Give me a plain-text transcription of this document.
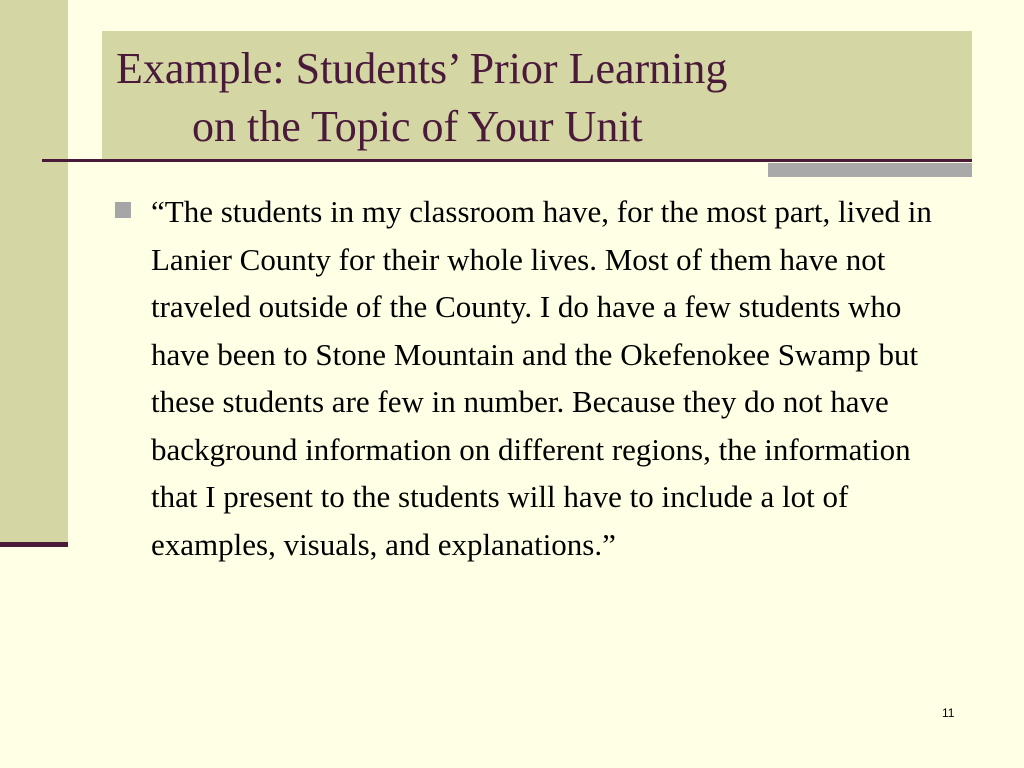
Example: Students’ Prior Learning
on the Topic of Your Unit

“The students in my classroom have, for the most part, lived in Lanier County for their whole lives. Most of them have not traveled outside of the County. I do have a few students who have been to Stone Mountain and the Okefenokee Swamp but these students are few in number. Because they do not have background information on different regions, the information that I present to the students will have to include a lot of examples, visuals, and explanations.”

11
